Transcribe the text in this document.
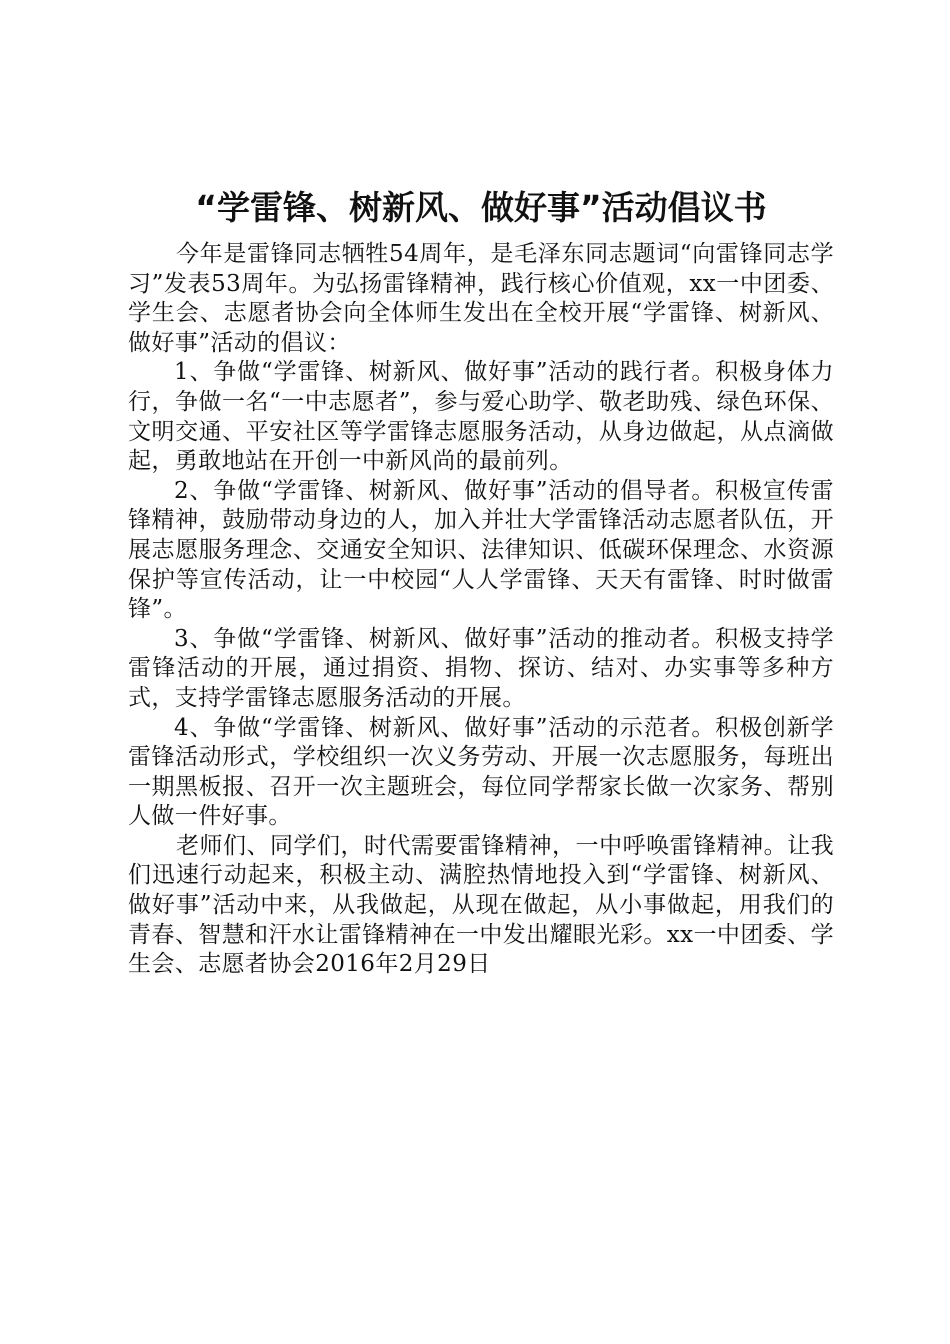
“学雷锋、树新风、做好事”活动倡议书

今年是雷锋同志牺牲54周年，是毛泽东同志题词“向雷锋同志学习”发表53周年。为弘扬雷锋精神，践行核心价值观，xx一中团委、学生会、志愿者协会向全体师生发出在全校开展“学雷锋、树新风、做好事”活动的倡议：

1、争做“学雷锋、树新风、做好事”活动的践行者。积极身体力行，争做一名“一中志愿者”，参与爱心助学、敬老助残、绿色环保、文明交通、平安社区等学雷锋志愿服务活动，从身边做起，从点滴做起，勇敢地站在开创一中新风尚的最前列。

2、争做“学雷锋、树新风、做好事”活动的倡导者。积极宣传雷锋精神，鼓励带动身边的人，加入并壮大学雷锋活动志愿者队伍，开展志愿服务理念、交通安全知识、法律知识、低碳环保理念、水资源保护等宣传活动，让一中校园“人人学雷锋、天天有雷锋、时时做雷锋”。

3、争做“学雷锋、树新风、做好事”活动的推动者。积极支持学雷锋活动的开展，通过捐资、捐物、探访、结对、办实事等多种方式，支持学雷锋志愿服务活动的开展。

4、争做“学雷锋、树新风、做好事”活动的示范者。积极创新学雷锋活动形式，学校组织一次义务劳动、开展一次志愿服务，每班出一期黑板报、召开一次主题班会，每位同学帮家长做一次家务、帮别人做一件好事。

老师们、同学们，时代需要雷锋精神，一中呼唤雷锋精神。让我们迅速行动起来，积极主动、满腔热情地投入到“学雷锋、树新风、做好事”活动中来，从我做起，从现在做起，从小事做起，用我们的青春、智慧和汗水让雷锋精神在一中发出耀眼光彩。xx一中团委、学生会、志愿者协会2016年2月29日
